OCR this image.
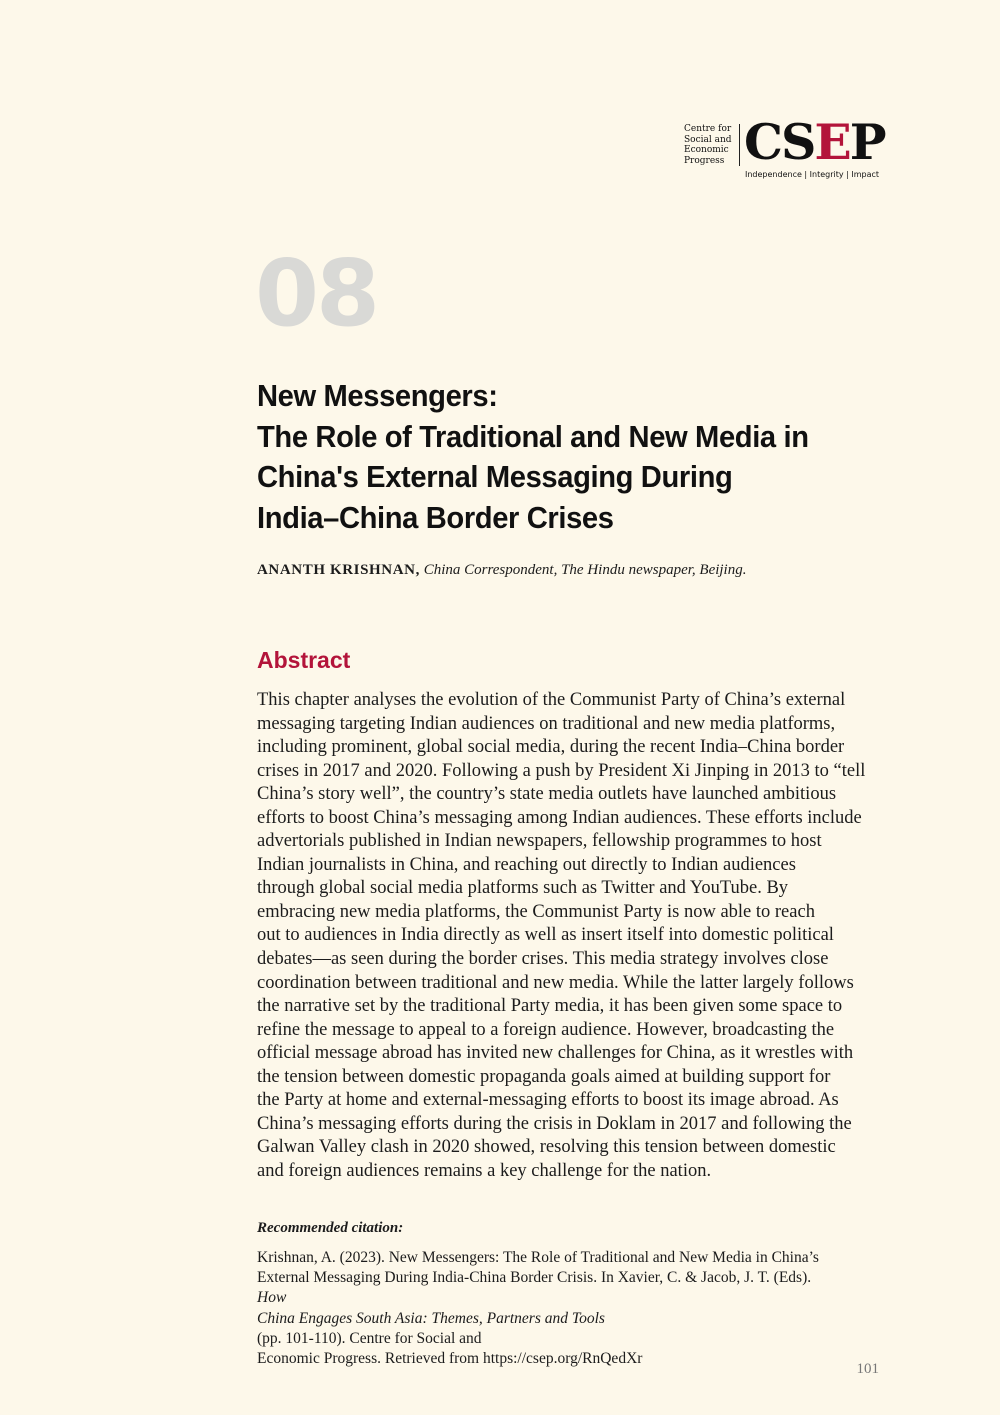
Centre for
Social and
Economic
Progress CSEP
Independence | Integrity | Impact
08
New Messengers:
The Role of Traditional and New Media in
China's External Messaging During
India–China Border Crises
ANANTH KRISHNAN, China Correspondent, The Hindu newspaper, Beijing.
Abstract
This chapter analyses the evolution of the Communist Party of China’s external
messaging targeting Indian audiences on traditional and new media platforms,
including prominent, global social media, during the recent India–China border
crises in 2017 and 2020. Following a push by President Xi Jinping in 2013 to “tell
China’s story well”, the country’s state media outlets have launched ambitious
efforts to boost China’s messaging among Indian audiences. These efforts include
advertorials published in Indian newspapers, fellowship programmes to host
Indian journalists in China, and reaching out directly to Indian audiences
through global social media platforms such as Twitter and YouTube. By
embracing new media platforms, the Communist Party is now able to reach
out to audiences in India directly as well as insert itself into domestic political
debates—as seen during the border crises. This media strategy involves close
coordination between traditional and new media. While the latter largely follows
the narrative set by the traditional Party media, it has been given some space to
refine the message to appeal to a foreign audience. However, broadcasting the
official message abroad has invited new challenges for China, as it wrestles with
the tension between domestic propaganda goals aimed at building support for
the Party at home and external-messaging efforts to boost its image abroad. As
China’s messaging efforts during the crisis in Doklam in 2017 and following the
Galwan Valley clash in 2020 showed, resolving this tension between domestic
and foreign audiences remains a key challenge for the nation.
Recommended citation:
Krishnan, A. (2023). New Messengers: The Role of Traditional and New Media in China’s
External Messaging During India-China Border Crisis. In Xavier, C. & Jacob, J. T. (Eds).
How
China Engages South Asia: Themes, Partners and Tools
(pp. 101-110). Centre for Social and
Economic Progress. Retrieved from https://csep.org/RnQedXr
101
